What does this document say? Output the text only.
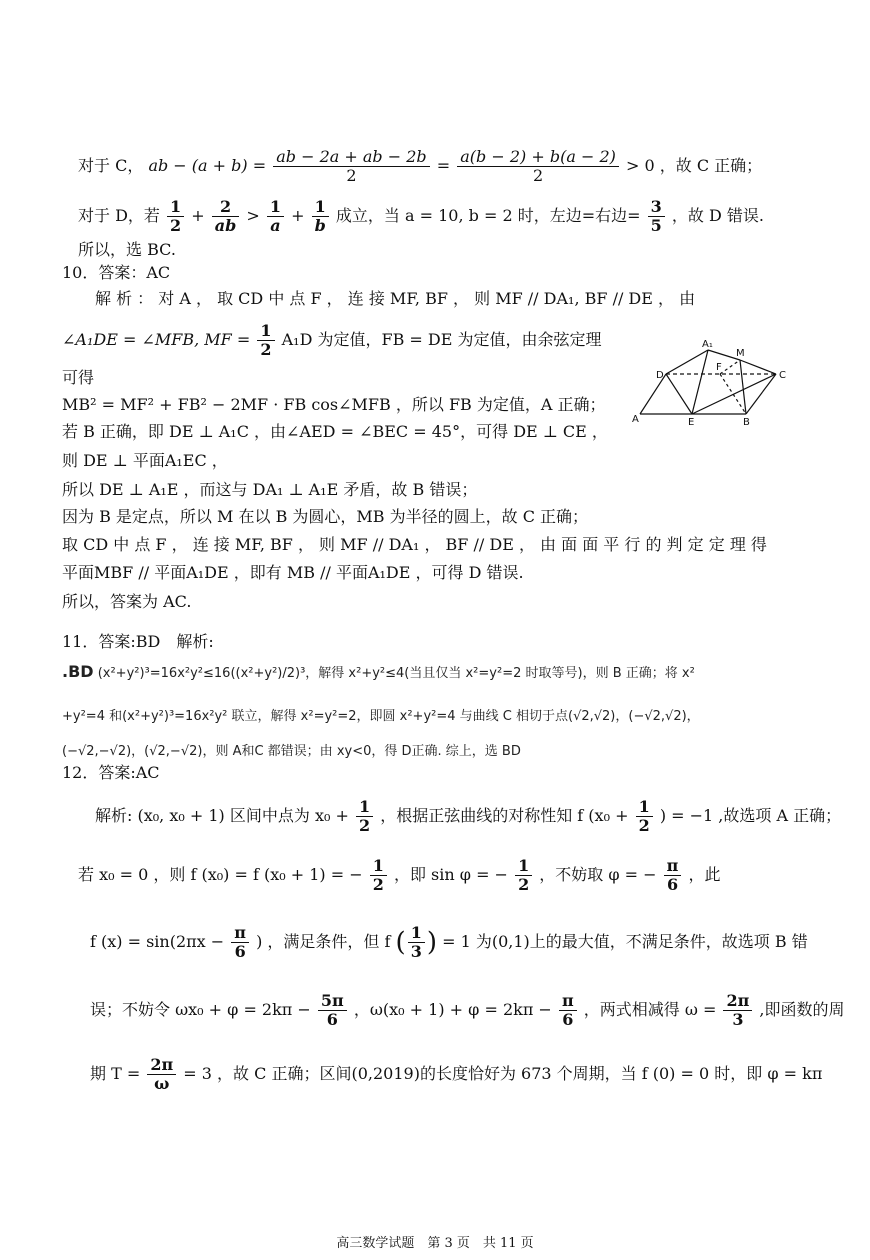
对于 C， ab − $(a + b) = \frac{ab - 2a + ab - 2b}{2} = \frac{a(b - 2) + b(a - 2)}{2} > 0$ ，故 C 正确；
对于 D，若 $\frac{1}{2} + \frac{2}{ab} > \frac{1}{a} + \frac{1}{b}$ 成立，当 a = 10, b = 2 时，左边=右边= $\frac{3}{5}$ ，故 D 错误.
所以，选 BC.
10．答案：AC
解 析 ： 对 A ， 取 CD 中 点 F ， 连 接 MF, BF ， 则 MF // DA₁, BF // DE ， 由
∠A₁DE = ∠MFB, MF = $\frac{1}{2} A_1D$ 为定值，FB = DE 为定值，由余弦定理
可得
MB² = MF² + FB² − 2MF · FB cos∠MFB ，所以 FB 为定值，A 正确；
若 B 正确，即 DE ⊥ A₁C ，由∠AED = ∠BEC = 45°，可得 DE ⊥ CE ，
则 DE ⊥ 平面A₁EC ，
所以 DE ⊥ A₁E ，而这与 DA₁ ⊥ A₁E 矛盾，故 B 错误；
因为 B 是定点，所以 M 在以 B 为圆心，MB 为半径的圆上，故 C 正确；
取 CD 中 点 F ， 连 接 MF, BF ， 则 MF // DA₁ ， BF // DE ， 由 面 面 平 行 的 判 定 定 理 得
平面MBF // 平面A₁DE ，即有 MB // 平面A₁DE ，可得 D 错误.
所以，答案为 AC.
A₁
M
D
F
C
A	E	B
11．答案:BD　解析:
.BD (x²+y²)³=16x²y²≤16((x²+y²)/2)³，解得 x²+y²≤4(当且仅当 x²=y²=2 时取等号)，则 B 正确；将 x²
+y²=4 和(x²+y²)³=16x²y² 联立，解得 x²=y²=2，即圆 x²+y²=4 与曲线 C 相切于点(√2,√2)，(−√2,√2)，
(−√2,−√2)，(√2,−√2)，则 A和C 都错误；由 xy<0，得 D正确. 综上，选 BD
12．答案:AC
解析: (x₀, x₀ + 1) 区间中点为 $x_0 + \frac{1}{2}$ ，根据正弦曲线的对称性知 f ($x_0 + \frac{1}{2}$ ) = −1 ,故选项 A 正确；
若 x₀ = 0 ，则 f (x₀) = f (x₀ + 1) = − $\frac{1}{2}$ ，即 sin φ = − $\frac{1}{2}$ ，不妨取 φ = − $\frac{\pi}{6}$ ，此
f $(x) = \sin(2\pi x - \frac{\pi}{6}$ ) ，满足条件，但 f ( $\frac{1}{3}$ ) = 1 为(0,1)上的最大值，不满足条件，故选项 B 错
误；不妨令 $\omega x_0 + \varphi = 2k\pi - \frac{5\pi}{6}$ ，$\omega(x_0 + 1) + \varphi = 2k\pi - \frac{\pi}{6}$ ，两式相减得 $\omega = \frac{2\pi}{3}$ ,即函数的周
期 $T = \frac{2\pi}{\omega} = 3$ ，故 C 正确；区间(0,2019)的长度恰好为 673 个周期，当 f (0) = 0 时，即 φ = kπ
高三数学试题　第 3 页　共 11 页
